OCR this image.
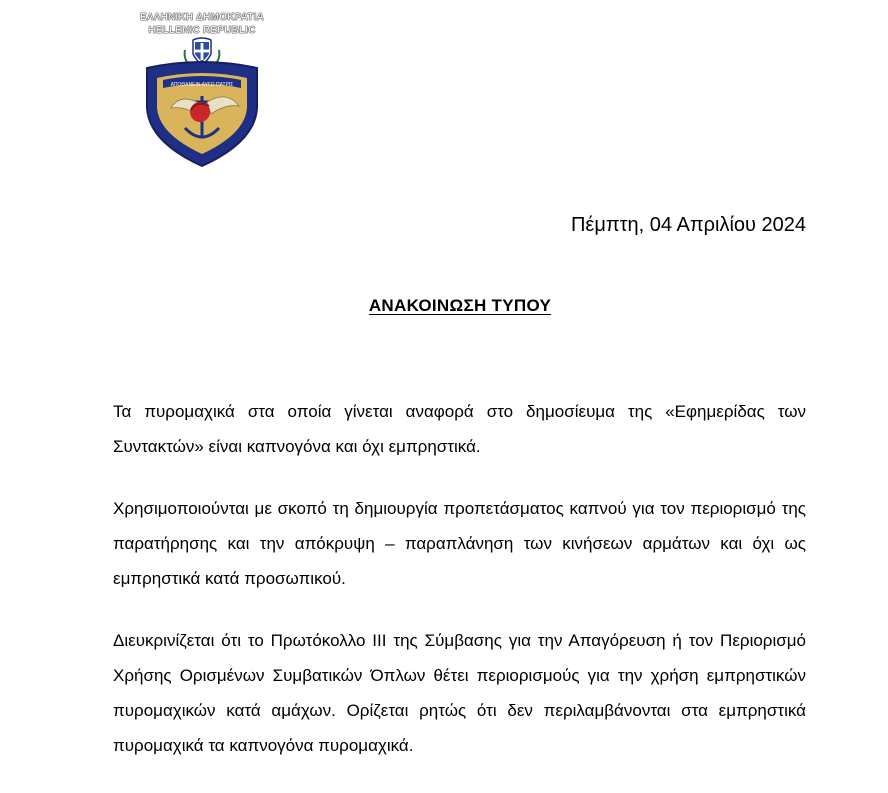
ΑΠΟΘΑΝΕΙΝ ΑΥΓΟ ΠΑΤΡΙΣ
ΕΛΛΗΝΙΚΗ ΔΗΜΟΚΡΑΤΙΑ
HELLENIC REPUBLIC
Πέμπτη, 04 Απριλίου 2024
ΑΝΑΚΟΙΝΩΣΗ ΤΥΠΟΥ

Τα πυρομαχικά στα οποία γίνεται αναφορά στο δημοσίευμα της «Εφημερίδας των Συντακτών» είναι καπνογόνα και όχι εμπρηστικά.

Χρησιμοποιούνται με σκοπό τη δημιουργία προπετάσματος καπνού για τον περιορισμό της παρατήρησης και την απόκρυψη – παραπλάνηση των κινήσεων αρμάτων και όχι ως εμπρηστικά κατά προσωπικού.

Διευκρινίζεται ότι το Πρωτόκολλο ΙΙΙ της Σύμβασης για την Απαγόρευση ή τον Περιορισμό Χρήσης Ορισμένων Συμβατικών Όπλων θέτει περιορισμούς για την χρήση εμπρηστικών πυρομαχικών κατά αμάχων. Ορίζεται ρητώς ότι δεν περιλαμβάνονται στα εμπρηστικά πυρομαχικά τα καπνογόνα πυρομαχικά.
